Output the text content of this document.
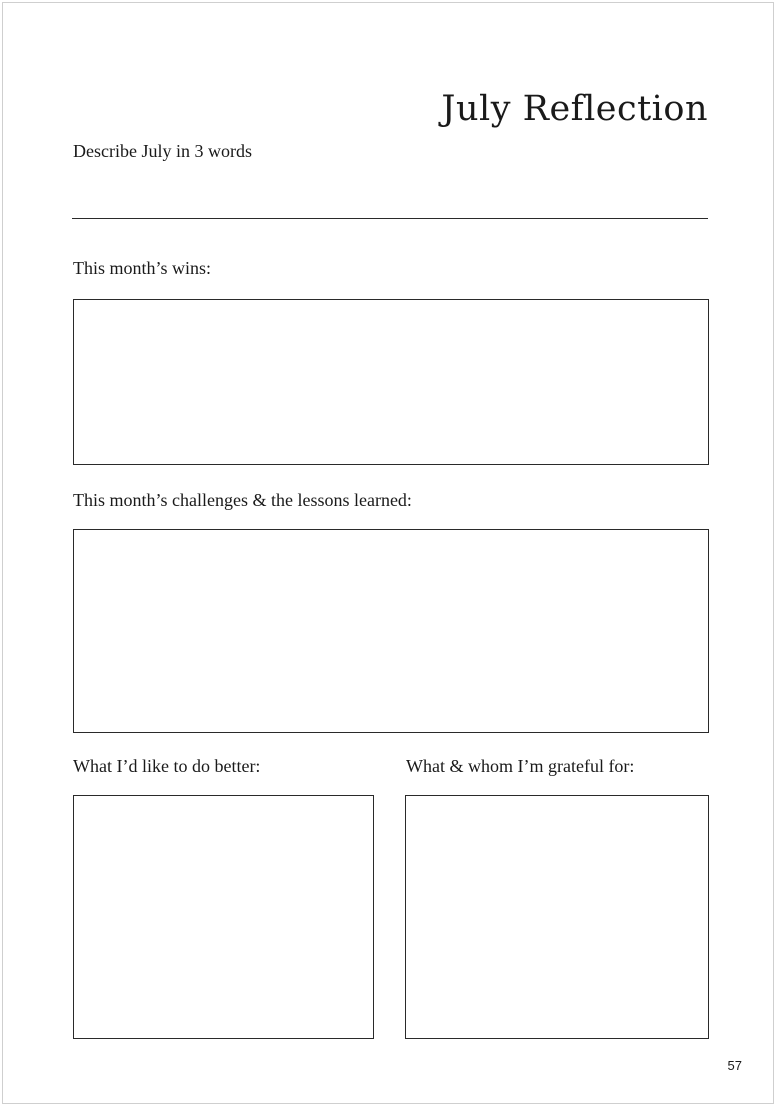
July Reflection
Describe July in 3 words
This month’s wins:
This month’s challenges & the lessons learned:
What I’d like to do better:	What & whom I’m grateful for:
57
